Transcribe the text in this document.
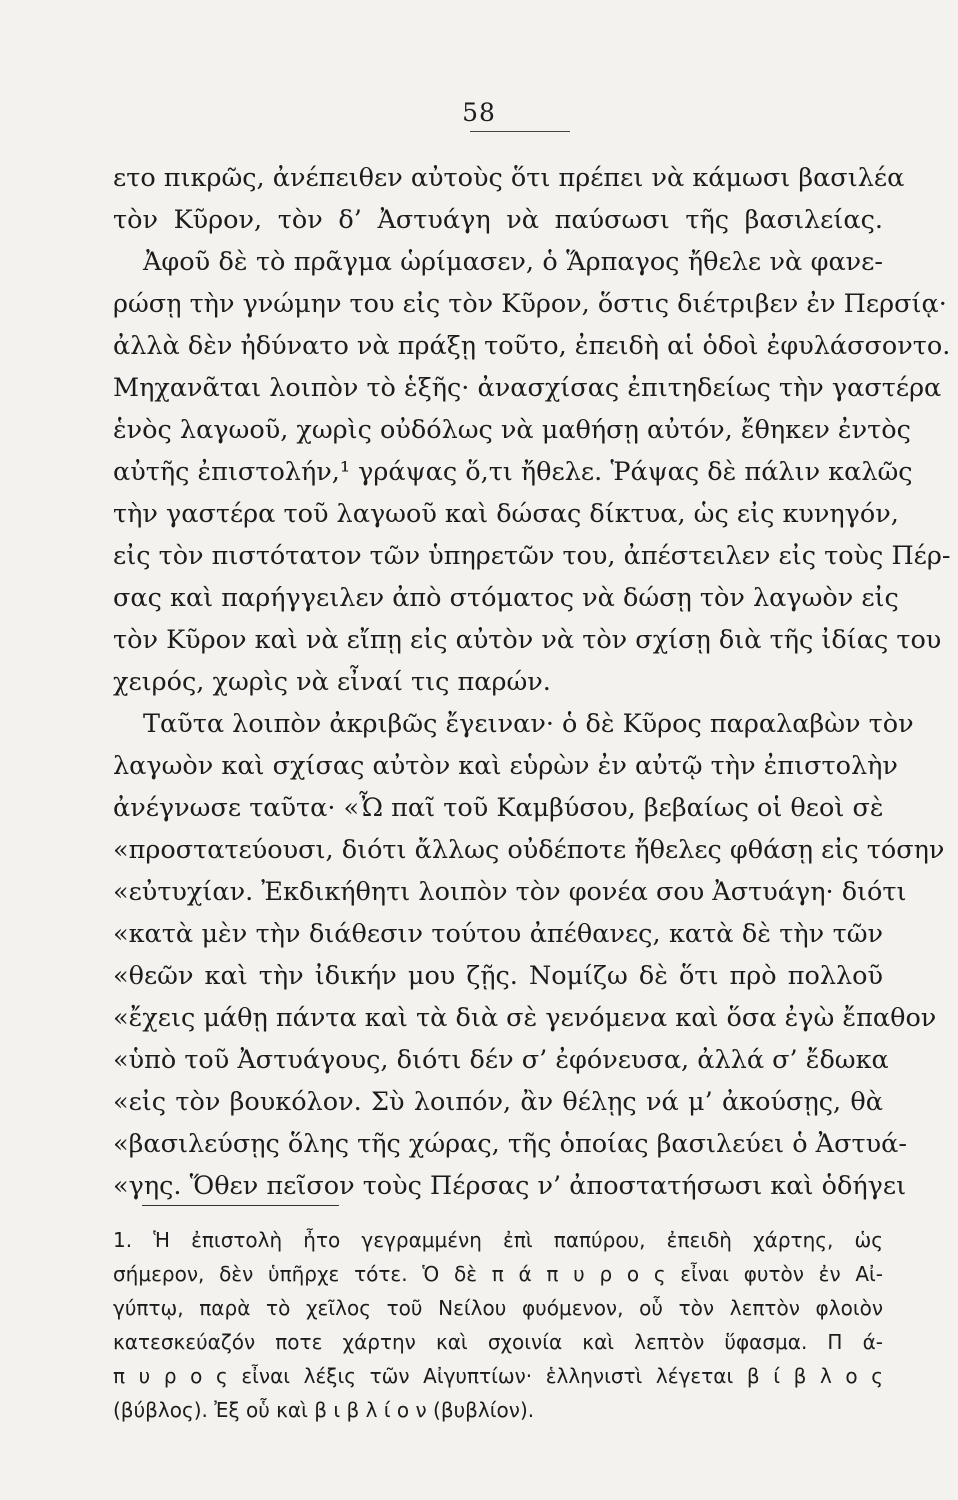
58
ετο πικρῶς, ἀνέπειθεν αὐτοὺς ὅτι πρέπει νὰ κάμωσι βασιλέα
τὸν Κῦρον, τὸν δ’ Ἀστυάγη νὰ παύσωσι τῆς βασιλείας.
Ἀφοῦ δὲ τὸ πρᾶγμα ὡρίμασεν, ὁ Ἅρπαγος ἤθελε νὰ φανε-
ρώσῃ τὴν γνώμην του εἰς τὸν Κῦρον, ὅστις διέτριβεν ἐν Περσίᾳ·
ἀλλὰ δὲν ἠδύνατο νὰ πράξῃ τοῦτο, ἐπειδὴ αἱ ὁδοὶ ἐφυλάσσοντο.
Μηχανᾶται λοιπὸν τὸ ἑξῆς· ἀνασχίσας ἐπιτηδείως τὴν γαστέρα
ἑνὸς λαγωοῦ, χωρὶς οὐδόλως νὰ μαθήσῃ αὐτόν, ἔθηκεν ἐντὸς
αὐτῆς ἐπιστολήν,¹ γράψας ὅ,τι ἤθελε. Ῥάψας δὲ πάλιν καλῶς
τὴν γαστέρα τοῦ λαγωοῦ καὶ δώσας δίκτυα, ὡς εἰς κυνηγόν,
εἰς τὸν πιστότατον τῶν ὑπηρετῶν του, ἀπέστειλεν εἰς τοὺς Πέρ-
σας καὶ παρήγγειλεν ἀπὸ στόματος νὰ δώσῃ τὸν λαγωὸν εἰς
τὸν Κῦρον καὶ νὰ εἴπῃ εἰς αὐτὸν νὰ τὸν σχίσῃ διὰ τῆς ἰδίας του
χειρός, χωρὶς νὰ εἶναί τις παρών.
Ταῦτα λοιπὸν ἀκριβῶς ἔγειναν· ὁ δὲ Κῦρος παραλαβὼν τὸν
λαγωὸν καὶ σχίσας αὐτὸν καὶ εὑρὼν ἐν αὐτῷ τὴν ἐπιστολὴν
ἀνέγνωσε ταῦτα· «Ὦ παῖ τοῦ Καμβύσου, βεβαίως οἱ θεοὶ σὲ
«προστατεύουσι, διότι ἄλλως οὐδέποτε ἤθελες φθάσῃ εἰς τόσην
«εὐτυχίαν. Ἐκδικήθητι λοιπὸν τὸν φονέα σου Ἀστυάγη· διότι
«κατὰ μὲν τὴν διάθεσιν τούτου ἀπέθανες, κατὰ δὲ τὴν τῶν
«θεῶν καὶ τὴν ἰδικήν μου ζῇς. Νομίζω δὲ ὅτι πρὸ πολλοῦ
«ἔχεις μάθῃ πάντα καὶ τὰ διὰ σὲ γενόμενα καὶ ὅσα ἐγὼ ἔπαθον
«ὑπὸ τοῦ Ἀστυάγους, διότι δέν σ’ ἐφόνευσα, ἀλλά σ’ ἔδωκα
«εἰς τὸν βουκόλον. Σὺ λοιπόν, ἂν θέλῃς νά μ’ ἀκούσῃς, θὰ
«βασιλεύσῃς ὅλης τῆς χώρας, τῆς ὁποίας βασιλεύει ὁ Ἀστυά-
«γης. Ὅθεν πεῖσον τοὺς Πέρσας ν’ ἀποστατήσωσι καὶ ὁδήγει
1. Ἡ ἐπιστολὴ ἦτο γεγραμμένη ἐπὶ παπύρου, ἐπειδὴ χάρτης, ὡς
σήμερον, δὲν ὑπῆρχε τότε. Ὁ δὲ π ά π υ ρ ο ς εἶναι φυτὸν ἐν Αἰ-
γύπτῳ, παρὰ τὸ χεῖλος τοῦ Νείλου φυόμενον, οὗ τὸν λεπτὸν φλοιὸν
κατεσκεύαζόν ποτε χάρτην καὶ σχοινία καὶ λεπτὸν ὕφασμα. Π ά-
π υ ρ ο ς εἶναι λέξις τῶν Αἰγυπτίων· ἑλληνιστὶ λέγεται β ί β λ ο ς
(βύβλος). Ἐξ οὗ καὶ β ι β λ ί ο ν (βυβλίον).
